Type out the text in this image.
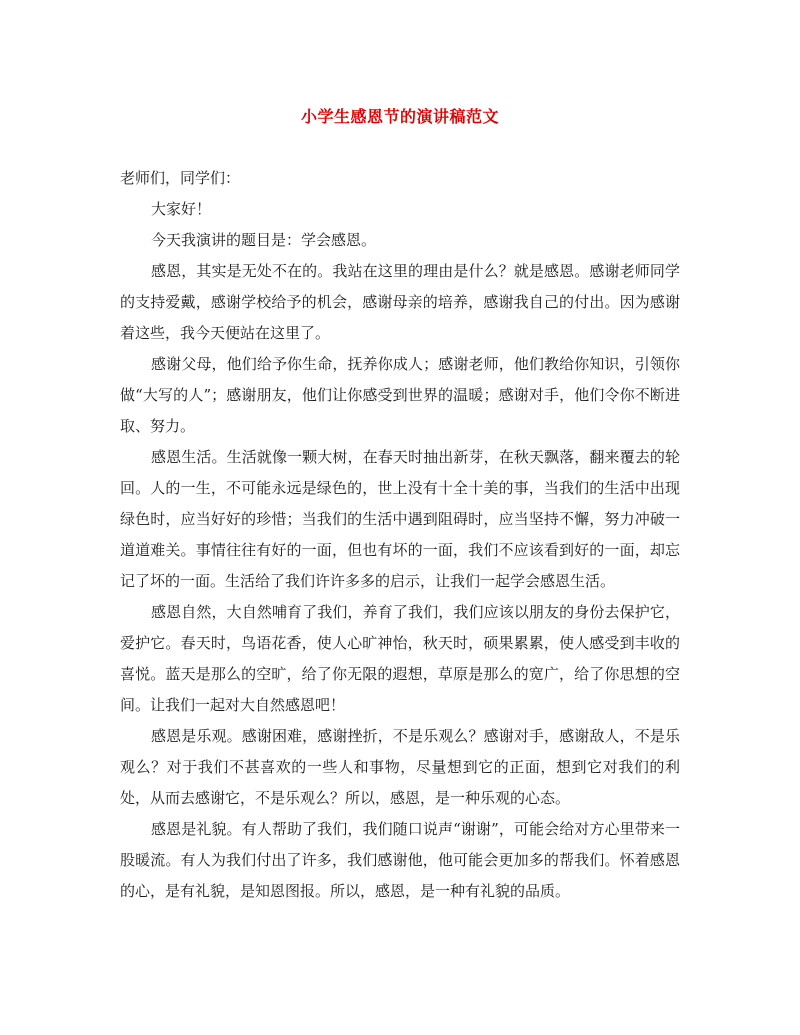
小学生感恩节的演讲稿范文

老师们，同学们：

大家好！

今天我演讲的题目是：学会感恩。

感恩，其实是无处不在的。我站在这里的理由是什么？就是感恩。感谢老师同学的支持爱戴，感谢学校给予的机会，感谢母亲的培养，感谢我自己的付出。因为感谢着这些，我今天便站在这里了。

感谢父母，他们给予你生命，抚养你成人；感谢老师，他们教给你知识，引领你做“大写的人”；感谢朋友，他们让你感受到世界的温暖；感谢对手，他们令你不断进取、努力。

感恩生活。生活就像一颗大树，在春天时抽出新芽，在秋天飘落，翻来覆去的轮回。人的一生，不可能永远是绿色的，世上没有十全十美的事，当我们的生活中出现绿色时，应当好好的珍惜；当我们的生活中遇到阻碍时，应当坚持不懈，努力冲破一道道难关。事情往往有好的一面，但也有坏的一面，我们不应该看到好的一面，却忘记了坏的一面。生活给了我们许许多多的启示，让我们一起学会感恩生活。

感恩自然，大自然哺育了我们，养育了我们，我们应该以朋友的身份去保护它，爱护它。春天时，鸟语花香，使人心旷神怡，秋天时，硕果累累，使人感受到丰收的喜悦。蓝天是那么的空旷，给了你无限的遐想，草原是那么的宽广，给了你思想的空间。让我们一起对大自然感恩吧！

感恩是乐观。感谢困难，感谢挫折，不是乐观么？感谢对手，感谢敌人，不是乐观么？对于我们不甚喜欢的一些人和事物，尽量想到它的正面，想到它对我们的利处，从而去感谢它，不是乐观么？所以，感恩，是一种乐观的心态。

感恩是礼貌。有人帮助了我们，我们随口说声“谢谢”，可能会给对方心里带来一股暖流。有人为我们付出了许多，我们感谢他，他可能会更加多的帮我们。怀着感恩的心，是有礼貌，是知恩图报。所以，感恩，是一种有礼貌的品质。
